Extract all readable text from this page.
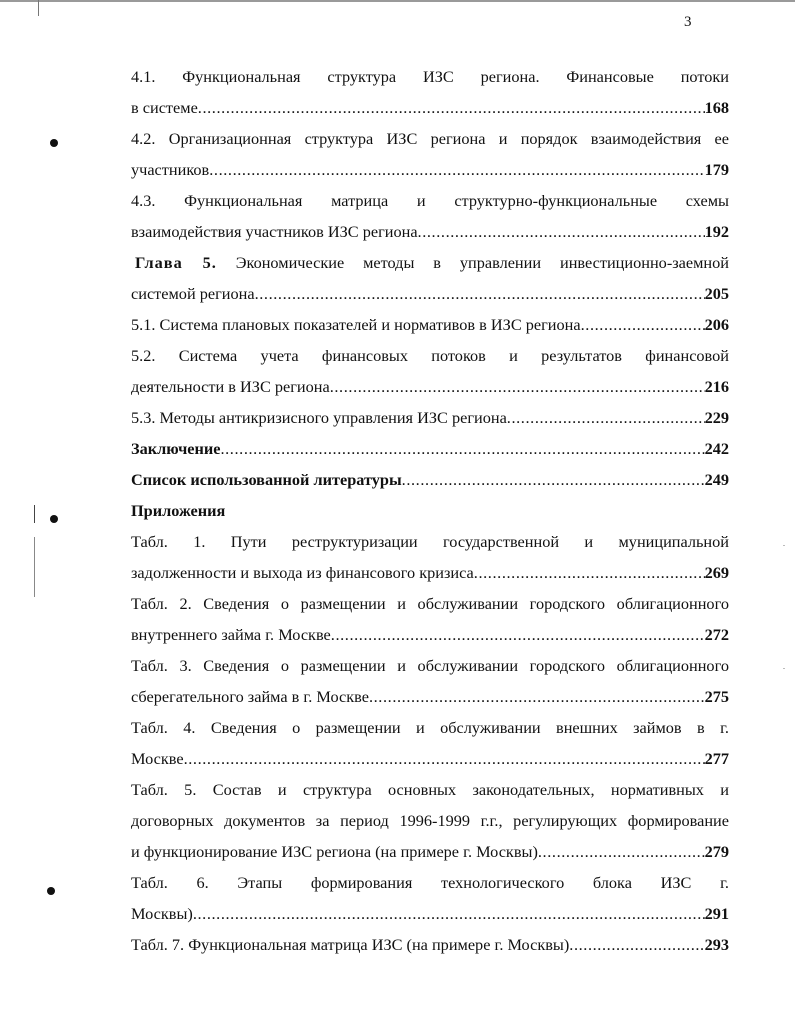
3
4.1. Функциональная структура ИЗС региона. Финансовые потоки
в системе .....	168
4.2. Организационная структура ИЗС региона и порядок взаимодействия ее
участников .....	179
4.3. Функциональная матрица и структурно-функциональные схемы
взаимодействия участников ИЗС региона .....	192
Глава 5. Экономические методы в управлении инвестиционно-заемной
системой региона .....	205
5.1. Система плановых показателей и нормативов в ИЗС региона .....	206
5.2. Система учета финансовых потоков и результатов финансовой
деятельности в ИЗС региона .....	216
5.3. Методы антикризисного управления ИЗС региона .....	229
Заключение .....	242
Список использованной литературы .....	249
Приложения
Табл. 1. Пути реструктуризации государственной и муниципальной
задолженности и выхода из финансового кризиса .....	269
Табл. 2. Сведения о размещении и обслуживании городского облигационного
внутреннего займа г. Москве .....	272
Табл. 3. Сведения о размещении и обслуживании городского облигационного
сберегательного займа в г. Москве .....	275
Табл. 4. Сведения о размещении и обслуживании внешних займов в г.
Москве .....	277
Табл. 5. Состав и структура основных законодательных, нормативных и
договорных документов за период 1996-1999 г.г., регулирующих формирование
и функционирование ИЗС региона (на примере г. Москвы) .....	279
Табл. 6. Этапы формирования технологического блока ИЗС г.
Москвы) .....	291
Табл. 7. Функциональная матрица ИЗС (на примере г. Москвы) .....	293
